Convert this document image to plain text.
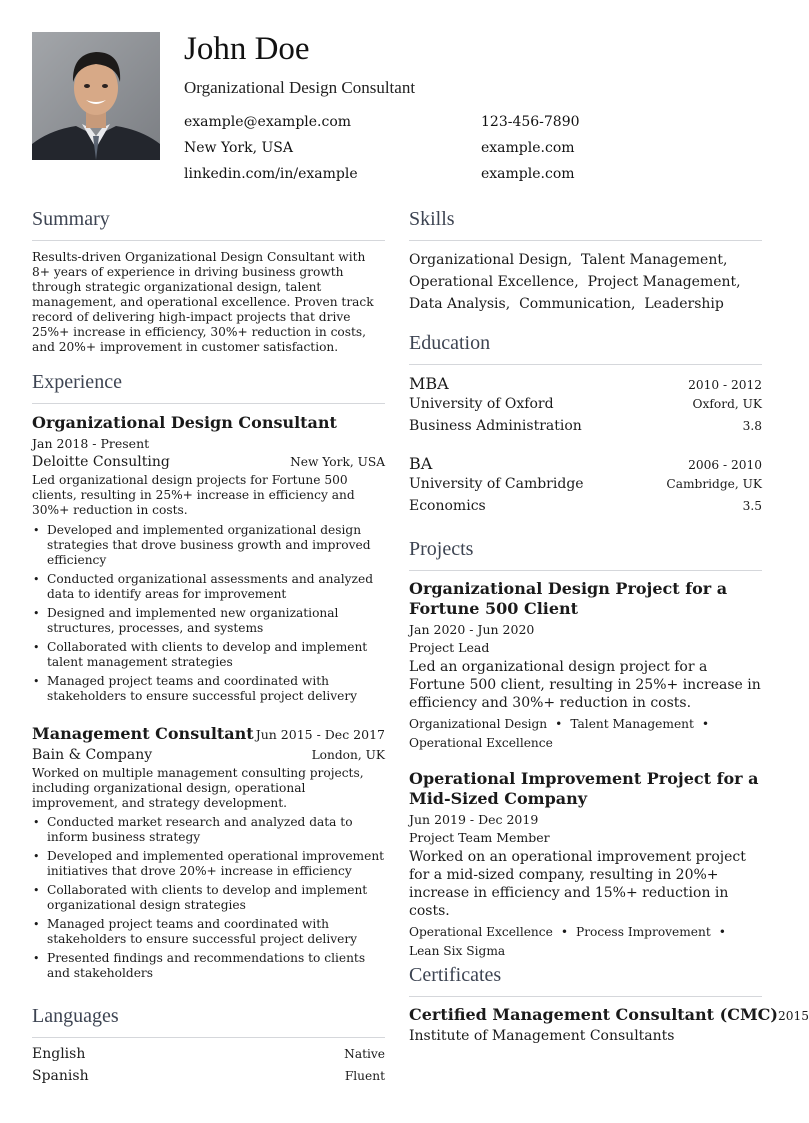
John Doe
Organizational Design Consultant
example@example.com	123-456-7890
New York, USA	example.com
linkedin.com/in/example	example.com
Summary
Results-driven Organizational Design Consultant with 8+ years of experience in driving business growth through strategic organizational design, talent management, and operational excellence. Proven track record of delivering high-impact projects that drive 25%+ increase in efficiency, 30%+ reduction in costs, and 20%+ improvement in customer satisfaction.
Experience
Organizational Design Consultant
Jan 2018 - Present
Deloitte Consulting	New York, USA
Led organizational design projects for Fortune 500 clients, resulting in 25%+ increase in efficiency and 30%+ reduction in costs.
• Developed and implemented organizational design strategies that drove business growth and improved efficiency
• Conducted organizational assessments and analyzed data to identify areas for improvement
• Designed and implemented new organizational structures, processes, and systems
• Collaborated with clients to develop and implement talent management strategies
• Managed project teams and coordinated with stakeholders to ensure successful project delivery
Management Consultant Jun 2015 - Dec 2017
Bain & Company	London, UK
Worked on multiple management consulting projects, including organizational design, operational improvement, and strategy development.
• Conducted market research and analyzed data to inform business strategy
• Developed and implemented operational improvement initiatives that drove 20%+ increase in efficiency
• Collaborated with clients to develop and implement organizational design strategies
• Managed project teams and coordinated with stakeholders to ensure successful project delivery
• Presented findings and recommendations to clients and stakeholders
Languages
English	Native
Spanish	Fluent
Skills
Organizational Design, Talent Management,
Operational Excellence, Project Management,
Data Analysis, Communication, Leadership
Education
MBA	2010 - 2012
University of Oxford	Oxford, UK
Business Administration	3.8
BA	2006 - 2010
University of Cambridge	Cambridge, UK
Economics	3.5
Projects
Organizational Design Project for a Fortune 500 Client
Jan 2020 - Jun 2020
Project Lead
Led an organizational design project for a Fortune 500 client, resulting in 25%+ increase in efficiency and 30%+ reduction in costs.
Organizational Design • Talent Management •
Operational Excellence
Operational Improvement Project for a Mid-Sized Company
Jun 2019 - Dec 2019
Project Team Member
Worked on an operational improvement project for a mid-sized company, resulting in 20%+ increase in efficiency and 15%+ reduction in costs.
Operational Excellence • Process Improvement •
Lean Six Sigma
Certificates
Certified Management Consultant (CMC) 2015
Institute of Management Consultants
